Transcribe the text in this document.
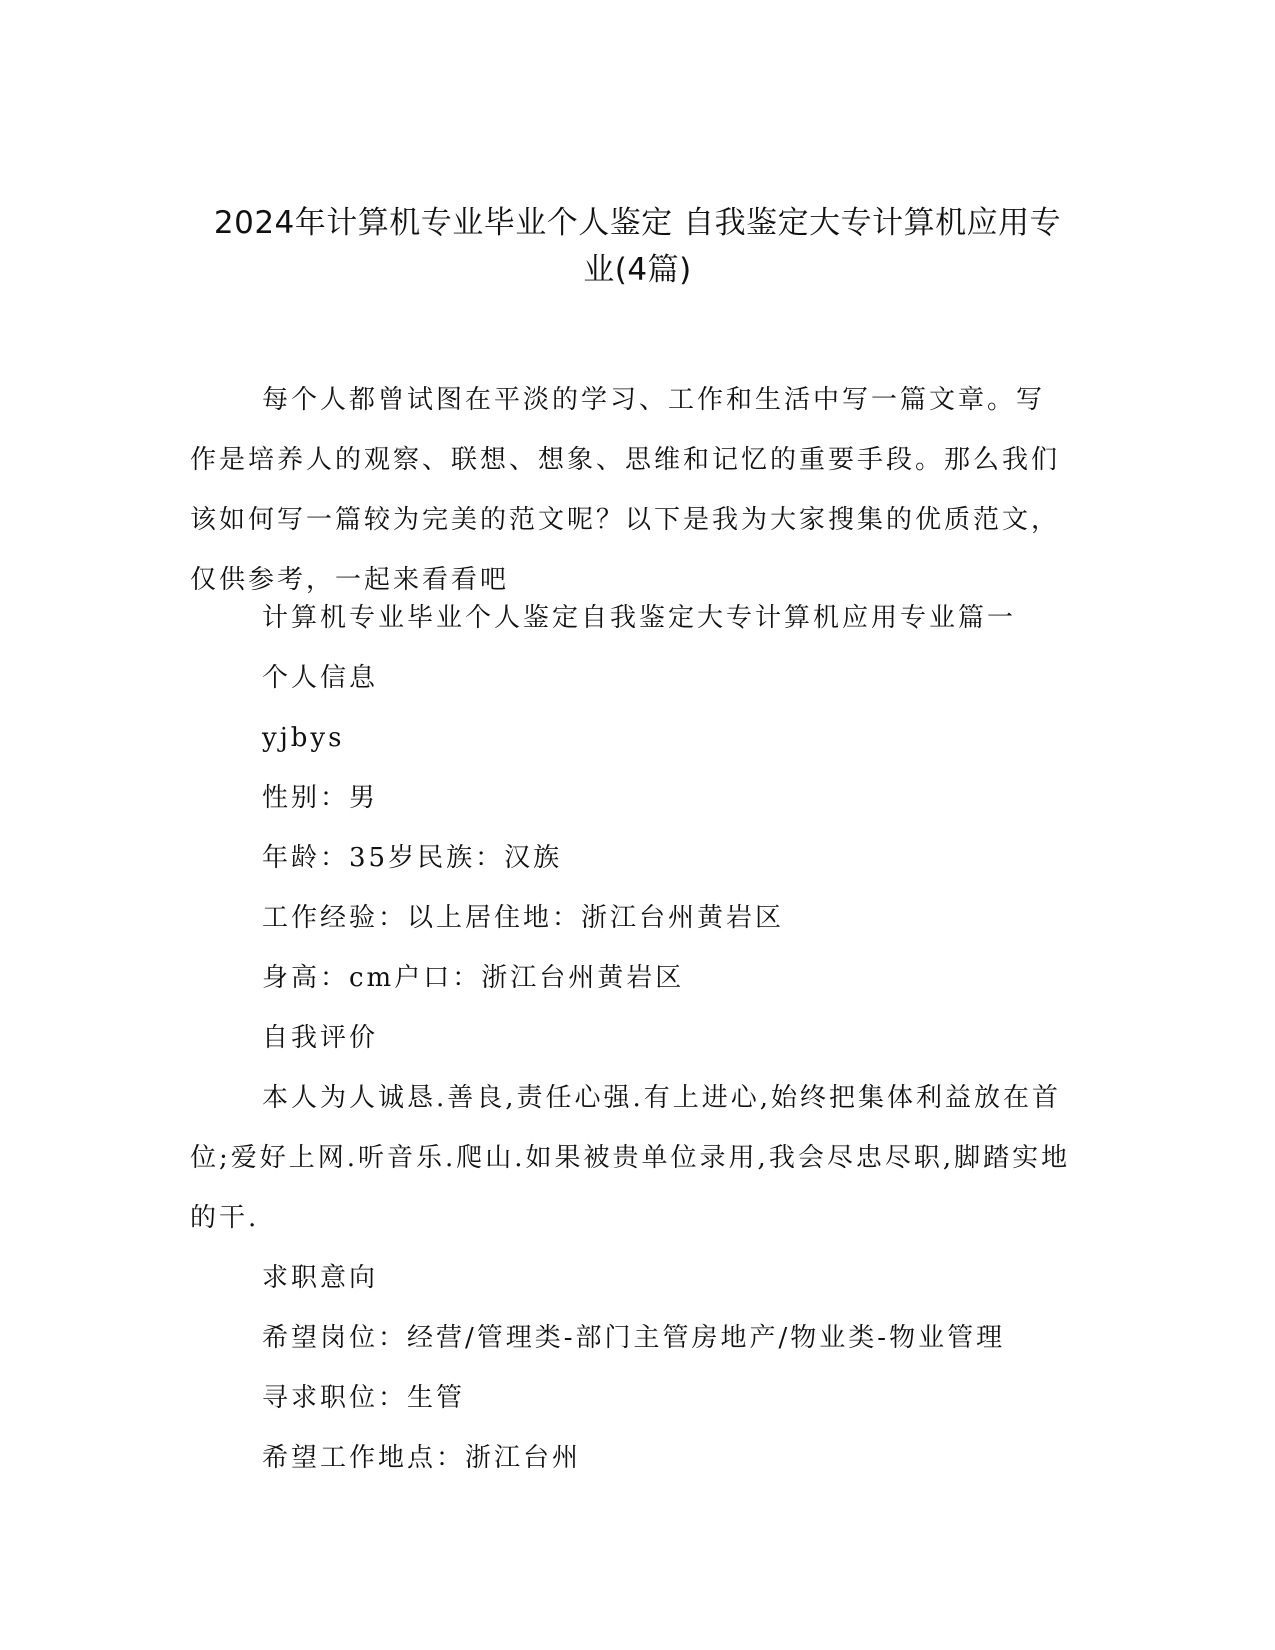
2024年计算机专业毕业个人鉴定 自我鉴定大专计算机应用专
业(4篇)

每个人都曾试图在平淡的学习、工作和生活中写一篇文章。写作是培养人的观察、联想、想象、思维和记忆的重要手段。那么我们该如何写一篇较为完美的范文呢？以下是我为大家搜集的优质范文，仅供参考，一起来看看吧

计算机专业毕业个人鉴定自我鉴定大专计算机应用专业篇一
个人信息
yjbys
性别：男
年龄：35岁民族：汉族
工作经验：以上居住地：浙江台州黄岩区
身高：cm户口：浙江台州黄岩区
自我评价
本人为人诚恳.善良,责任心强.有上进心,始终把集体利益放在首位;爱好上网.听音乐.爬山.如果被贵单位录用,我会尽忠尽职,脚踏实地的干.
求职意向
希望岗位：经营/管理类-部门主管房地产/物业类-物业管理
寻求职位：生管
希望工作地点：浙江台州
